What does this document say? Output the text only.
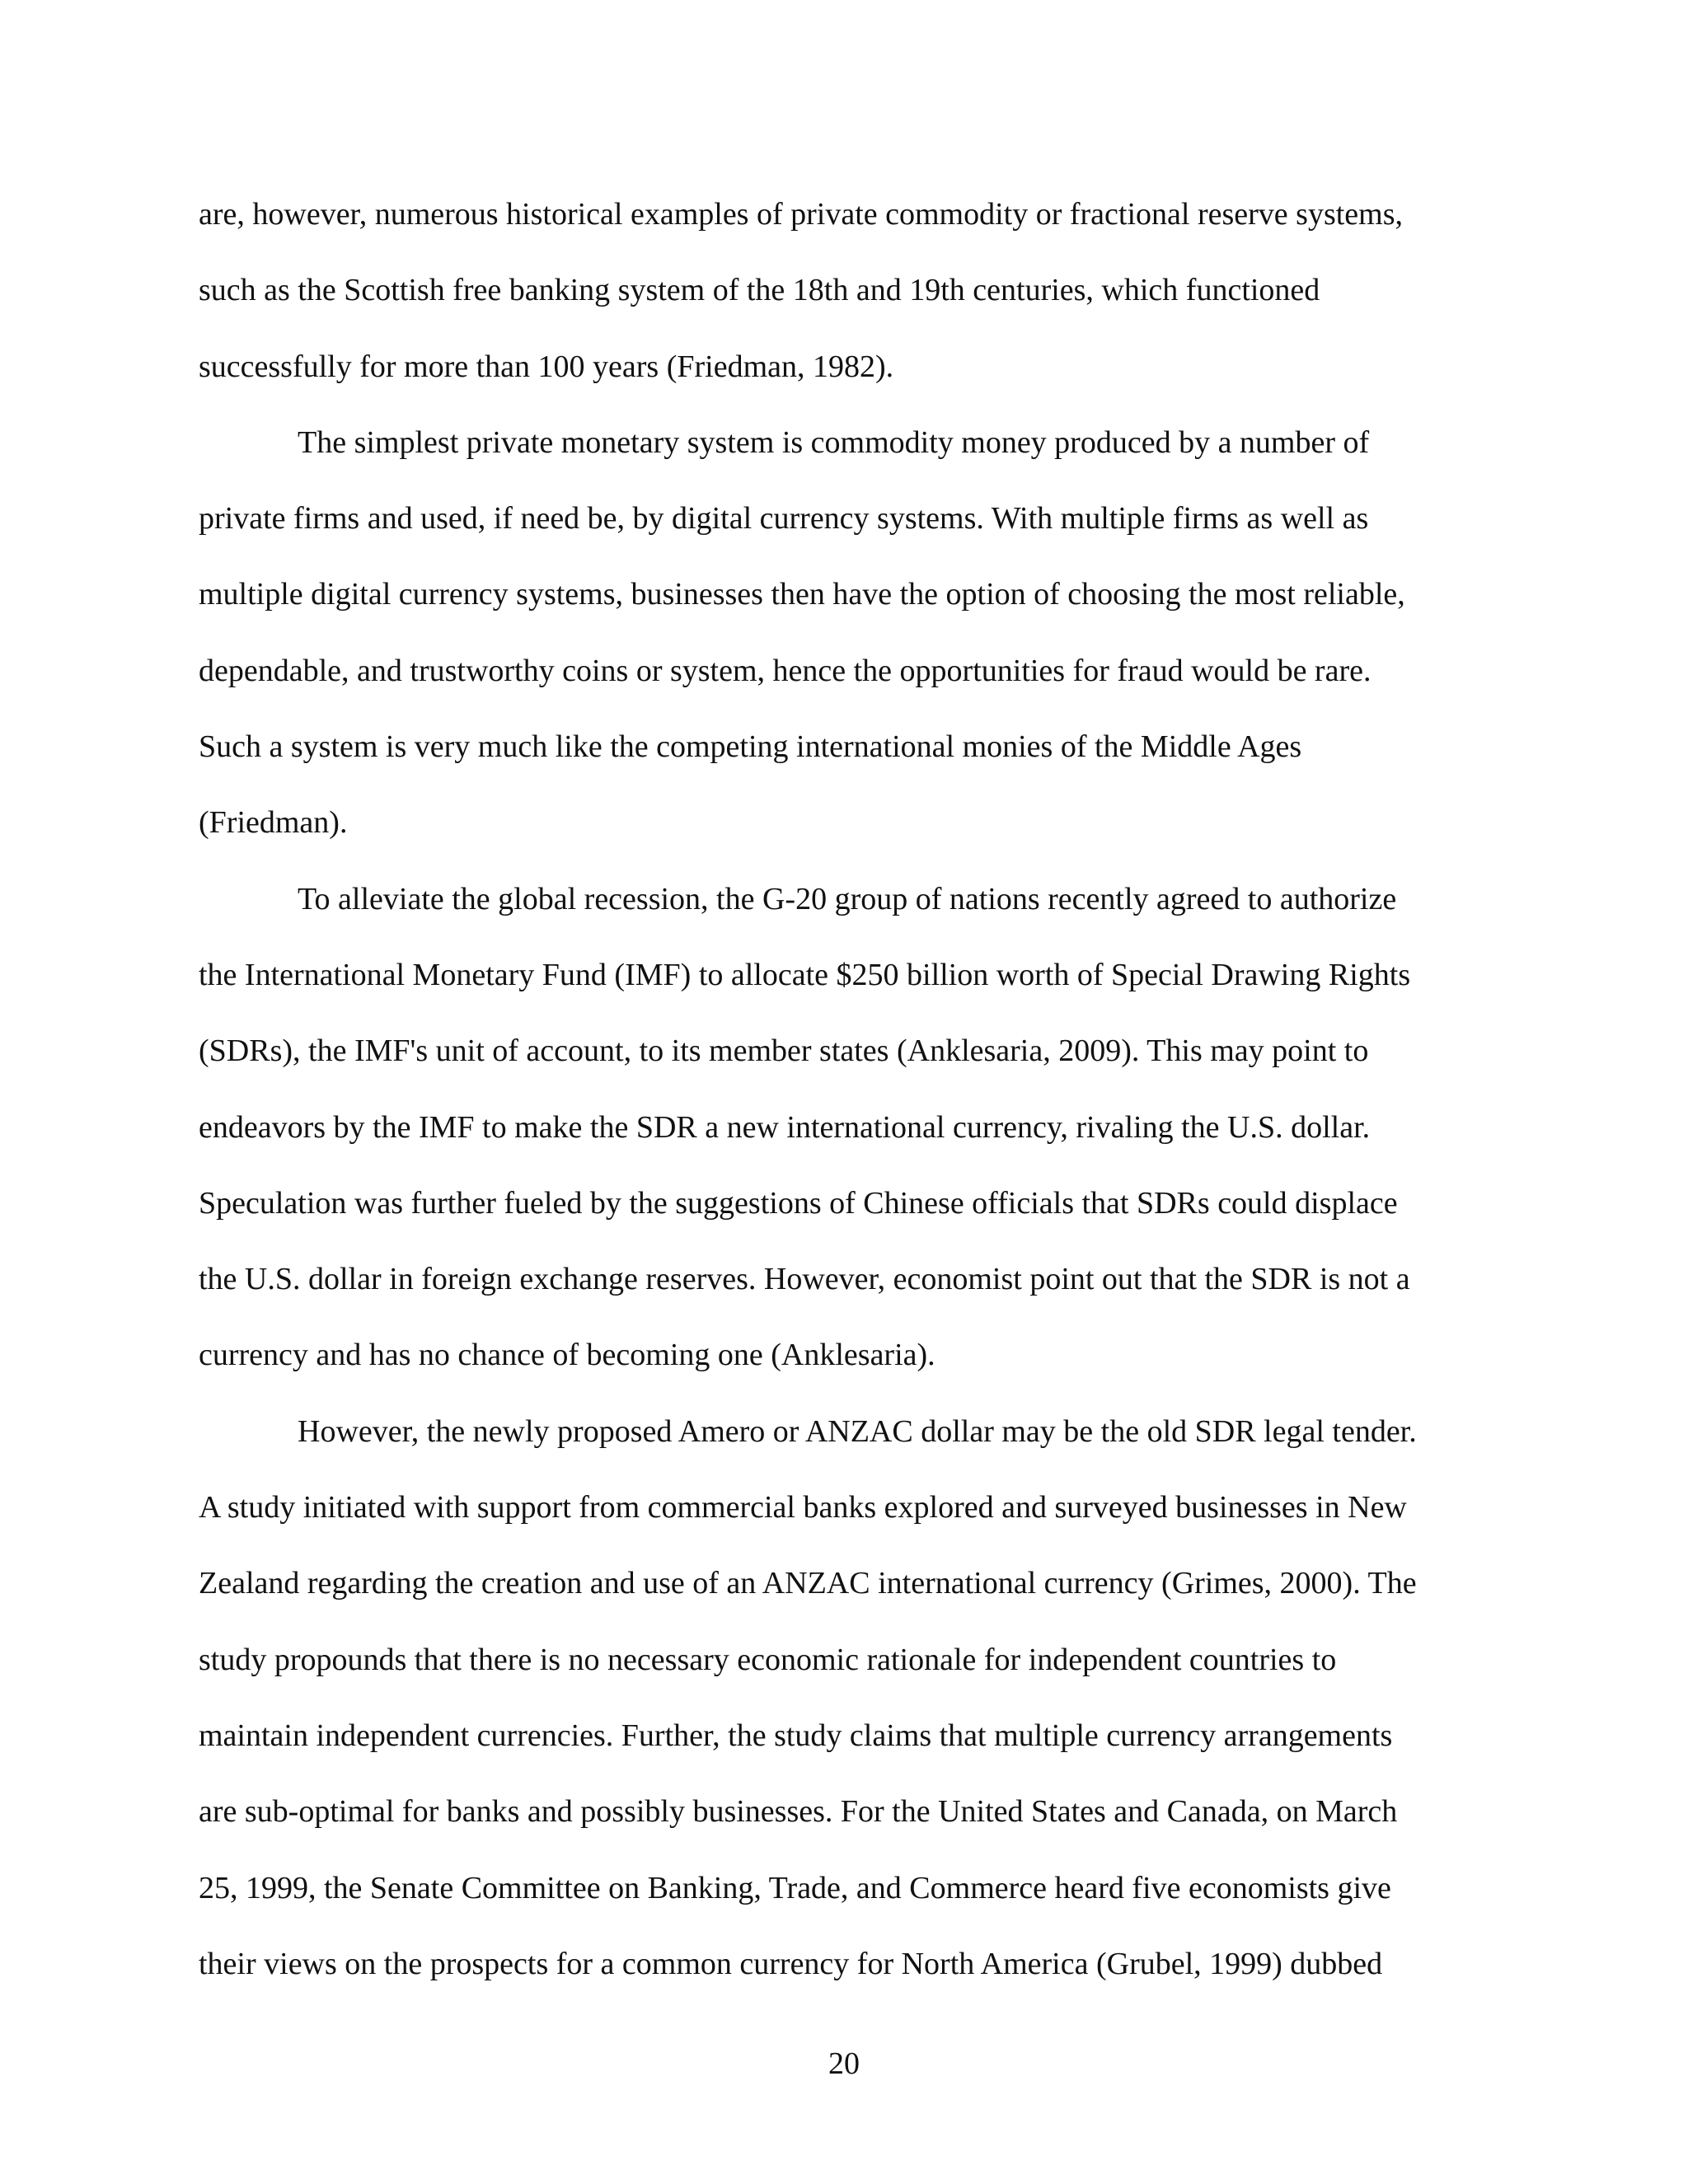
are, however, numerous historical examples of private commodity or fractional reserve systems,
such as the Scottish free banking system of the 18th and 19th centuries, which functioned
successfully for more than 100 years (Friedman, 1982).
The simplest private monetary system is commodity money produced by a number of
private firms and used, if need be, by digital currency systems. With multiple firms as well as
multiple digital currency systems, businesses then have the option of choosing the most reliable,
dependable, and trustworthy coins or system, hence the opportunities for fraud would be rare.
Such a system is very much like the competing international monies of the Middle Ages
(Friedman).
To alleviate the global recession, the G-20 group of nations recently agreed to authorize
the International Monetary Fund (IMF) to allocate $250 billion worth of Special Drawing Rights
(SDRs), the IMF's unit of account, to its member states (Anklesaria, 2009). This may point to
endeavors by the IMF to make the SDR a new international currency, rivaling the U.S. dollar.
Speculation was further fueled by the suggestions of Chinese officials that SDRs could displace
the U.S. dollar in foreign exchange reserves. However, economist point out that the SDR is not a
currency and has no chance of becoming one (Anklesaria).
However, the newly proposed Amero or ANZAC dollar may be the old SDR legal tender.
A study initiated with support from commercial banks explored and surveyed businesses in New
Zealand regarding the creation and use of an ANZAC international currency (Grimes, 2000). The
study propounds that there is no necessary economic rationale for independent countries to
maintain independent currencies. Further, the study claims that multiple currency arrangements
are sub-optimal for banks and possibly businesses. For the United States and Canada, on March
25, 1999, the Senate Committee on Banking, Trade, and Commerce heard five economists give
their views on the prospects for a common currency for North America (Grubel, 1999) dubbed
20
